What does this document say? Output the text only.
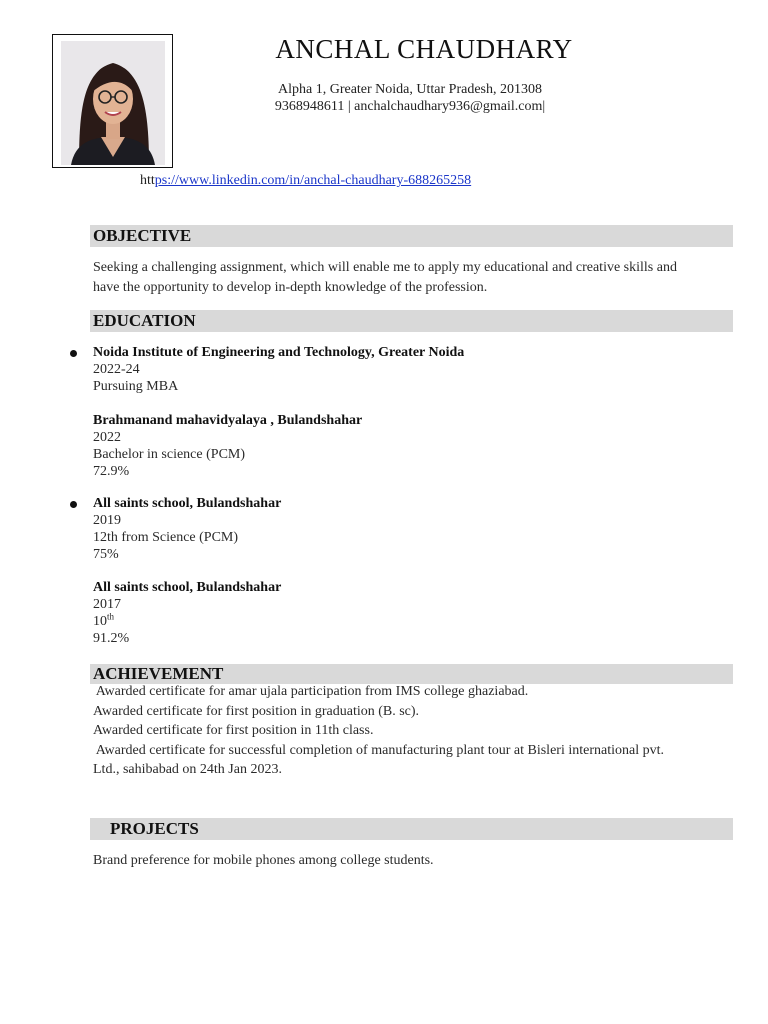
ANCHAL CHAUDHARY
Alpha 1, Greater Noida, Uttar Pradesh, 201308
9368948611 | anchalchaudhary936@gmail.com|
https://www.linkedin.com/in/anchal-chaudhary-688265258
OBJECTIVE
Seeking a challenging assignment, which will enable me to apply my educational and creative skills and
have the opportunity to develop in-depth knowledge of the profession.
EDUCATION
Noida Institute of Engineering and Technology, Greater Noida
2022-24
Pursuing MBA
Brahmanand mahavidyalaya , Bulandshahar
2022
Bachelor in science (PCM)
72.9%
All saints school, Bulandshahar
2019
12th from Science (PCM)
75%
All saints school, Bulandshahar
2017
10th
91.2%
ACHIEVEMENT
Awarded certificate for amar ujala participation from IMS college ghaziabad.
Awarded certificate for first position in graduation (B. sc).
Awarded certificate for first position in 11th class.
Awarded certificate for successful completion of manufacturing plant tour at Bisleri international pvt.
Ltd., sahibabad on 24th Jan 2023.
PROJECTS
Brand preference for mobile phones among college students.
